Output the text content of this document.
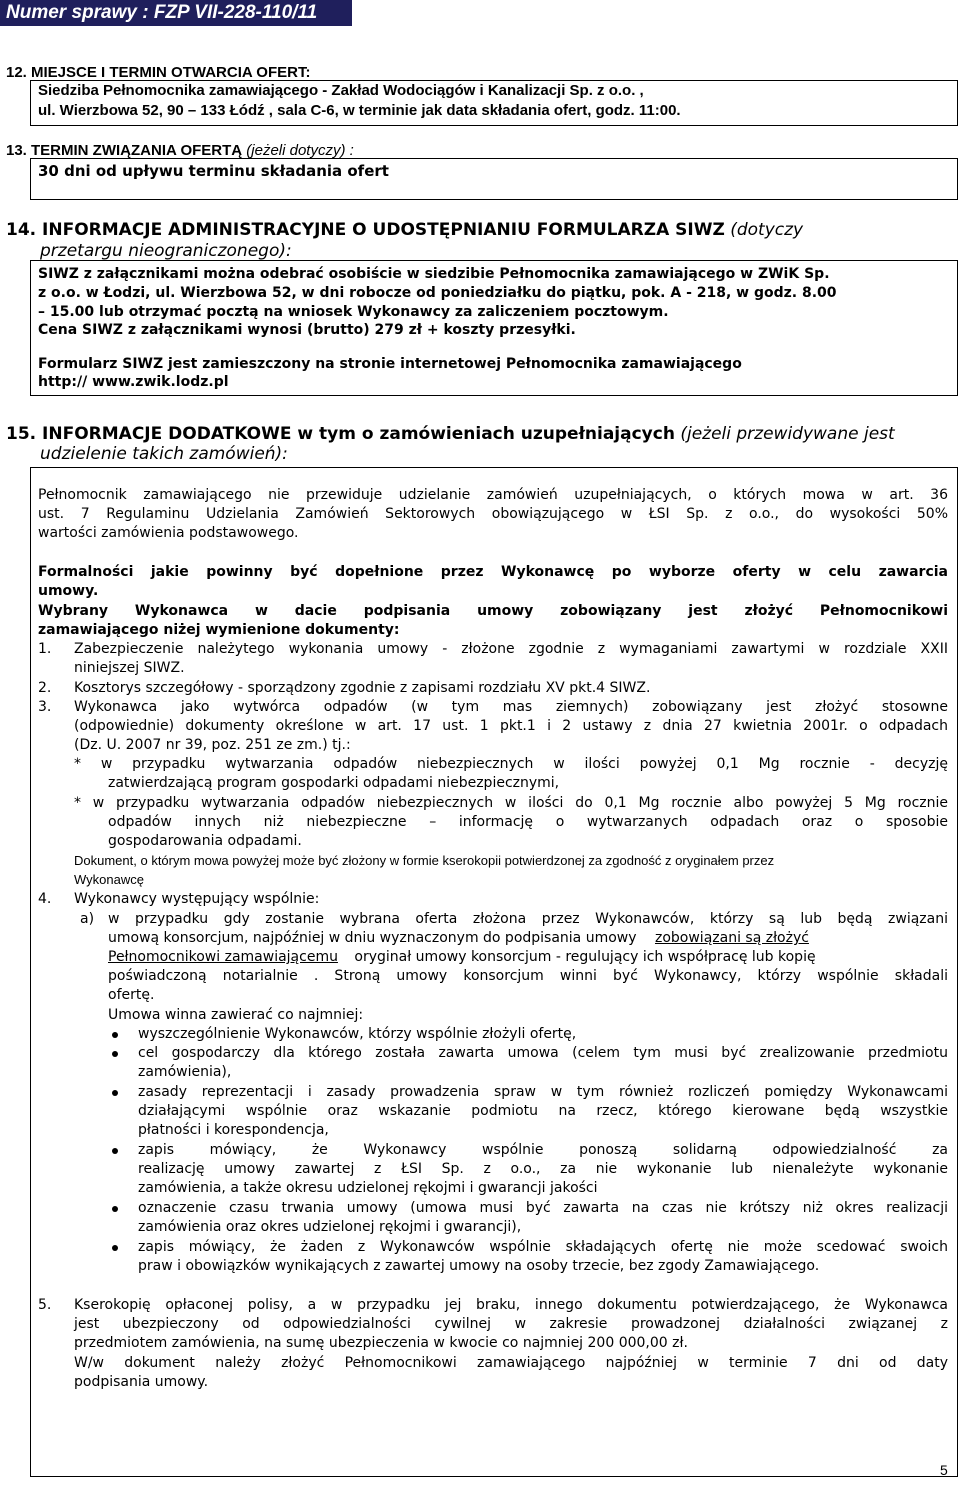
Numer sprawy : FZP VII-228-110/11
12. MIEJSCE I TERMIN OTWARCIA OFERT:
Siedziba Pełnomocnika zamawiającego - Zakład Wodociągów i Kanalizacji Sp. z o.o. ,
ul. Wierzbowa 52, 90 – 133 Łódź , sala C-6, w terminie jak data składania ofert, godz. 11:00.
13. TERMIN ZWIĄZANIA OFERTĄ (jeżeli dotyczy) :
30 dni od upływu terminu składania ofert
14. INFORMACJE ADMINISTRACYJNE O UDOSTĘPNIANIU FORMULARZA SIWZ (dotyczy
przetargu nieograniczonego):
SIWZ z załącznikami można odebrać osobiście w siedzibie Pełnomocnika zamawiającego w ZWiK Sp.
z o.o. w Łodzi, ul. Wierzbowa 52, w dni robocze od poniedziałku do piątku, pok. A - 218, w godz. 8.00
– 15.00 lub otrzymać pocztą na wniosek Wykonawcy za zaliczeniem pocztowym.
Cena SIWZ z załącznikami wynosi (brutto) 279 zł + koszty przesyłki.
Formularz SIWZ jest zamieszczony na stronie internetowej Pełnomocnika zamawiającego
http:// www.zwik.lodz.pl
15. INFORMACJE DODATKOWE w tym o zamówieniach uzupełniających (jeżeli przewidywane jest
udzielenie takich zamówień):
Pełnomocnik zamawiającego nie przewiduje udzielanie zamówień uzupełniających, o których mowa w art. 36
ust. 7 Regulaminu Udzielania Zamówień Sektorowych obowiązującego w ŁSI Sp. z o.o., do wysokości 50%
wartości zamówienia podstawowego.
Formalności jakie powinny być dopełnione przez Wykonawcę po wyborze oferty w celu zawarcia
umowy.
Wybrany Wykonawca w dacie podpisania umowy zobowiązany jest złożyć Pełnomocnikowi
zamawiającego niżej wymienione dokumenty:
1. Zabezpieczenie należytego wykonania umowy - złożone zgodnie z wymaganiami zawartymi w rozdziale XXII
niniejszej SIWZ.
2. Kosztorys szczegółowy - sporządzony zgodnie z zapisami rozdziału XV pkt.4 SIWZ.
3. Wykonawca jako wytwórca odpadów (w tym mas ziemnych) zobowiązany jest złożyć stosowne
(odpowiedni​e) dokumenty określone w art. 17 ust. 1 pkt.1 i 2 ustawy z dnia 27 kwietnia 2001r. o odpadach
(Dz. U. 2007 nr 39, poz. 251 ze zm.) tj.:
* w przypadku wytwarzania odpadów niebezpiecznych w ilości powyżej 0,1 Mg rocznie - decyzję
zatwierdzającą program gospodarki odpadami niebezpiecznymi,
* w przypadku wytwarzania odpadów niebezpiecznych w ilości do 0,1 Mg rocznie albo powyżej 5 Mg rocznie
odpadów innych niż niebezpieczne – informację o wytwarzanych odpadach oraz o sposobie
gospodarowania odpadami.
Dokument, o którym mowa powyżej może być złożony w formie kserokopii potwierdzonej za zgodność z oryginałem przez
Wykonawcę
4. Wykonawcy występujący wspólnie:
a) w przypadku gdy zostanie wybrana oferta złożona przez Wykonawców, którzy są lub będą związani
umową konsorcjum, najpóźniej w dniu wyznaczonym do podpisania umowy zobowiązani są złożyć
Pełnomocnikowi zamawiającemu oryginał umowy konsorcjum - regulujący ich współpracę lub kopię
poświadczoną notarialnie . Stroną umowy konsorcjum winni być Wykonawcy, którzy wspólnie składali
ofertę.
Umowa winna zawierać co najmniej:
wyszczególnienie Wykonawców, którzy wspólnie złożyli ofertę,
cel gospodarczy dla którego została zawarta umowa (celem tym musi być zrealizowanie przedmiotu
zamówienia),
zasady reprezentacji i zasady prowadzenia spraw w tym również rozliczeń pomiędzy Wykonawcami
działającymi wspólnie oraz wskazanie podmiotu na rzecz, którego kierowane będą wszystkie
płatności i korespondencja,
zapis mówiący, że Wykonawcy wspólnie ponoszą solidarną odpowiedzialność za
realizację umowy zawartej z ŁSI Sp. z o.o., za nie wykonanie lub nienależyte wykonanie
zamówienia, a także okresu udzielonej rękojmi i gwarancji jakości
oznaczenie czasu trwania umowy (umowa musi być zawarta na czas nie krótszy niż okres realizacji
zamówienia oraz okres udzielonej rękojmi i gwarancji),
zapis mówiący, że żaden z Wykonawców wspólnie składających ofertę nie może scedować swoich
praw i obowiązków wynikających z zawartej umowy na osoby trzecie, bez zgody Zamawiającego.
5. Kserokopię opłaconej polisy, a w przypadku jej braku, innego dokumentu potwierdzającego, że Wykonawca
jest ubezpieczony od odpowiedzialności cywilnej w zakresie prowadzonej działalności związanej z
przedmiotem zamówienia, na sumę ubezpieczenia w kwocie co najmniej 200 000,00 zł.
W/w dokument należy złożyć Pełnomocnikowi zamawiającego najpóźniej w terminie 7 dni od daty
podpisania umowy.
5
